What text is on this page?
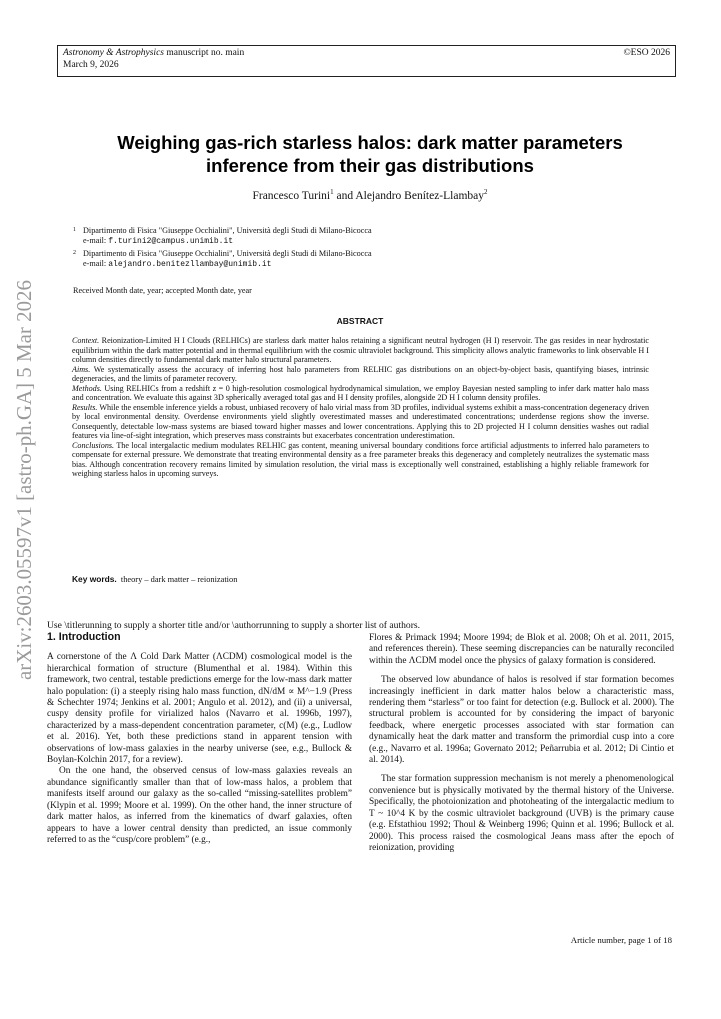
Astronomy & Astrophysics manuscript no. main
March 9, 2026
©ESO 2026
arXiv:2603.05597v1 [astro-ph.GA] 5 Mar 2026
Weighing gas-rich starless halos: dark matter parameters
inference from their gas distributions
Francesco Turini$^1$ and Alejandro Benítez-Llambay$^2$
1 Dipartimento di Fisica "Giuseppe Occhialini", Università degli Studi di Milano-Bicocca
e-mail: f.turini2@campus.unimib.it
2 Dipartimento di Fisica "Giuseppe Occhialini", Università degli Studi di Milano-Bicocca
e-mail: alejandro.benitezllambay@unimib.it
Received Month date, year; accepted Month date, year
ABSTRACT

Context. Reionization-Limited H I Clouds (RELHICs) are starless dark matter halos retaining a significant neutral hydrogen (H I) reservoir. The gas resides in near hydrostatic equilibrium within the dark matter potential and in thermal equilibrium with the cosmic ultraviolet background. This simplicity allows analytic frameworks to link observable H I column densities directly to fundamental dark matter halo structural parameters.

Aims. We systematically assess the accuracy of inferring host halo parameters from RELHIC gas distributions on an object-by-object basis, quantifying biases, intrinsic degeneracies, and the limits of parameter recovery.

Methods. Using RELHICs from a redshift z = 0 high-resolution cosmological hydrodynamical simulation, we employ Bayesian nested sampling to infer dark matter halo mass and concentration. We evaluate this against 3D spherically averaged total gas and H I density profiles, alongside 2D H I column density profiles.

Results. While the ensemble inference yields a robust, unbiased recovery of halo virial mass from 3D profiles, individual systems exhibit a mass-concentration degeneracy driven by local environmental density. Overdense environments yield slightly overestimated masses and underestimated concentrations; underdense regions show the inverse. Consequently, detectable low-mass systems are biased toward higher masses and lower concentrations. Applying this to 2D projected H I column densities washes out radial features via line-of-sight integration, which preserves mass constraints but exacerbates concentration underestimation.

Conclusions. The local intergalactic medium modulates RELHIC gas content, meaning universal boundary conditions force artificial adjustments to inferred halo parameters to compensate for external pressure. We demonstrate that treating environmental density as a free parameter breaks this degeneracy and completely neutralizes the systematic mass bias. Although concentration recovery remains limited by simulation resolution, the virial mass is exceptionally well constrained, establishing a highly reliable framework for weighing starless halos in upcoming surveys.

Key words. theory – dark matter – reionization
Use \titlerunning to supply a shorter title and/or \authorrunning to supply a shorter list of authors.
1. Introduction

A cornerstone of the Λ Cold Dark Matter (ΛCDM) cosmological model is the hierarchical formation of structure (Blumenthal et al. 1984). Within this framework, two central, testable predictions emerge for the low-mass dark matter halo population: (i) a steeply rising halo mass function, dN/dM ∝ M^−1.9 (Press & Schechter 1974; Jenkins et al. 2001; Angulo et al. 2012), and (ii) a universal, cuspy density profile for virialized halos (Navarro et al. 1996b, 1997), characterized by a mass-dependent concentration parameter, c(M) (e.g., Ludlow et al. 2016). Yet, both these predictions stand in apparent tension with observations of low-mass galaxies in the nearby universe (see, e.g., Bullock & Boylan-Kolchin 2017, for a review).

On the one hand, the observed census of low-mass galaxies reveals an abundance significantly smaller than that of low-mass halos, a problem that manifests itself around our galaxy as the so-called “missing-satellites problem” (Klypin et al. 1999; Moore et al. 1999). On the other hand, the inner structure of dark matter halos, as inferred from the kinematics of dwarf galaxies, often appears to have a lower central density than predicted, an issue commonly referred to as the “cusp/core problem” (e.g.,

Flores & Primack 1994; Moore 1994; de Blok et al. 2008; Oh et al. 2011, 2015, and references therein). These seeming discrepancies can be naturally reconciled within the ΛCDM model once the physics of galaxy formation is considered.

The observed low abundance of halos is resolved if star formation becomes increasingly inefficient in dark matter halos below a characteristic mass, rendering them “starless” or too faint for detection (e.g. Bullock et al. 2000). The structural problem is accounted for by considering the impact of baryonic feedback, where energetic processes associated with star formation can dynamically heat the dark matter and transform the primordial cusp into a core (e.g., Navarro et al. 1996a; Governato 2012; Peñarrubia et al. 2012; Di Cintio et al. 2014).

The star formation suppression mechanism is not merely a phenomenological convenience but is physically motivated by the thermal history of the Universe. Specifically, the photoionization and photoheating of the intergalactic medium to T ~ 10^4 K by the cosmic ultraviolet background (UVB) is the primary cause (e.g. Efstathiou 1992; Thoul & Weinberg 1996; Quinn et al. 1996; Bullock et al. 2000). This process raised the cosmological Jeans mass after the epoch of reionization, providing

Article number, page 1 of 18
